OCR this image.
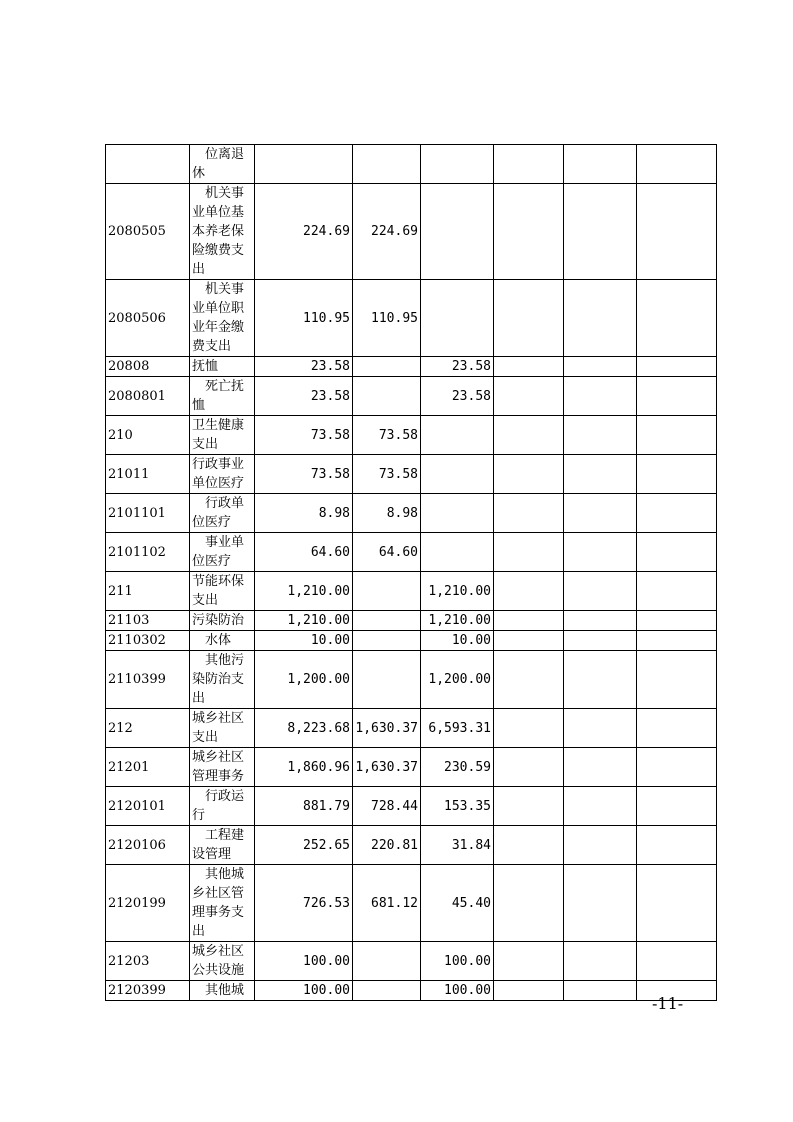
	位离退休						
2080505	机关事业单位基本养老保险缴费支出	224.69	224.69				
2080506	机关事业单位职业年金缴费支出	110.95	110.95				
20808	抚恤	23.58		23.58			
2080801	死亡抚恤	23.58		23.58			
210	卫生健康支出	73.58	73.58				
21011	行政事业单位医疗	73.58	73.58				
2101101	行政单位医疗	8.98	8.98				
2101102	事业单位医疗	64.60	64.60				
211	节能环保支出	1,210.00		1,210.00			
21103	污染防治	1,210.00		1,210.00			
2110302	水体	10.00		10.00			
2110399	其他污染防治支出	1,200.00		1,200.00			
212	城乡社区支出	8,223.68	1,630.37	6,593.31			
21201	城乡社区管理事务	1,860.96	1,630.37	230.59			
2120101	行政运行	881.79	728.44	153.35			
2120106	工程建设管理	252.65	220.81	31.84			
2120199	其他城乡社区管理事务支出	726.53	681.12	45.40			
21203	城乡社区公共设施	100.00		100.00			
2120399	其他城	100.00		100.00			
-11-
